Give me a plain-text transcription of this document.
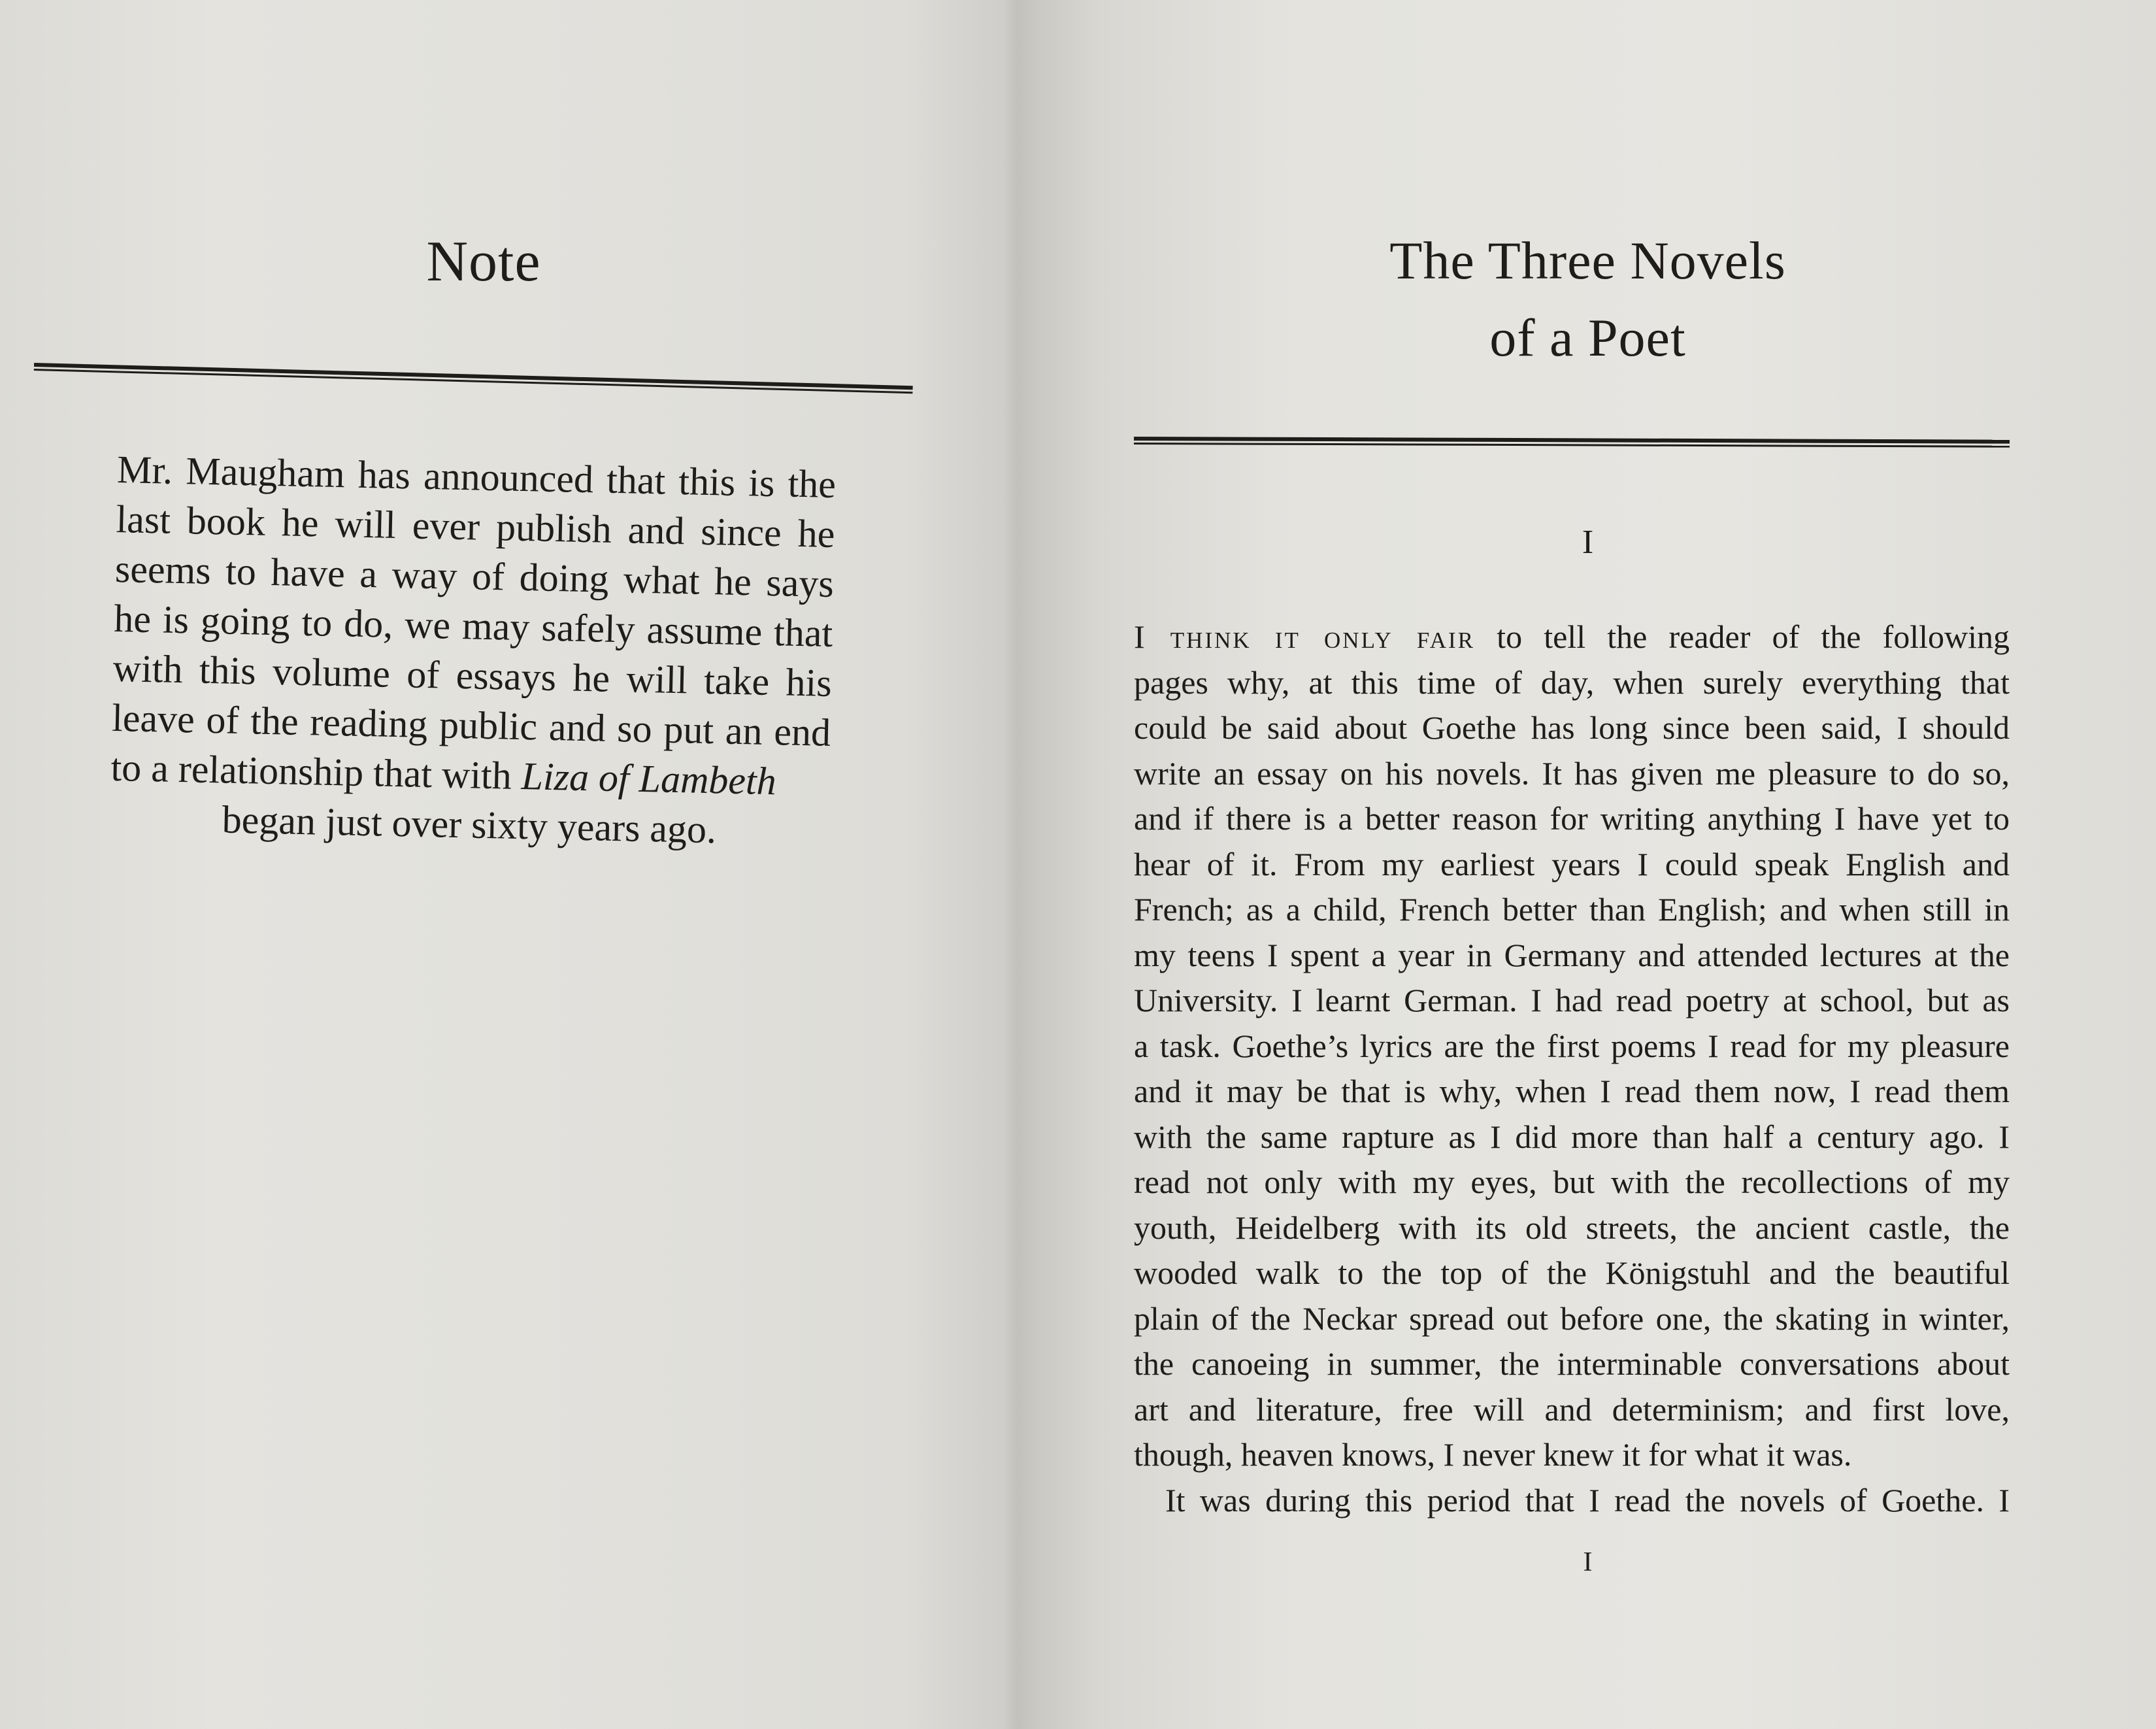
Note
Mr. Maugham has announced that this is the last book he will ever publish and since he seems to have a way of doing what he says he is going to do, we may safely assume that with this volume of essays he will take his leave of the reading public and so put an end to a relationship that with Liza of Lambeth
began just over sixty years ago.
The Three Novels
of a Poet
I
I think it only fair to tell the reader of the following
pages why, at this time of day, when surely everything that
could be said about Goethe has long since been said, I should
write an essay on his novels. It has given me pleasure to do so,
and if there is a better reason for writing anything I have yet to
hear of it. From my earliest years I could speak English and
French; as a child, French better than English; and when still in
my teens I spent a year in Germany and attended lectures at the
University. I learnt German. I had read poetry at school, but as
a task. Goethe’s lyrics are the first poems I read for my pleasure
and it may be that is why, when I read them now, I read them
with the same rapture as I did more than half a century ago. I
read not only with my eyes, but with the recollections of my
youth, Heidelberg with its old streets, the ancient castle, the
wooded walk to the top of the Königstuhl and the beautiful
plain of the Neckar spread out before one, the skating in winter,
the canoeing in summer, the interminable conversations about
art and literature, free will and determinism; and first love,
though, heaven knows, I never knew it for what it was.
It was during this period that I read the novels of Goethe. I
I
